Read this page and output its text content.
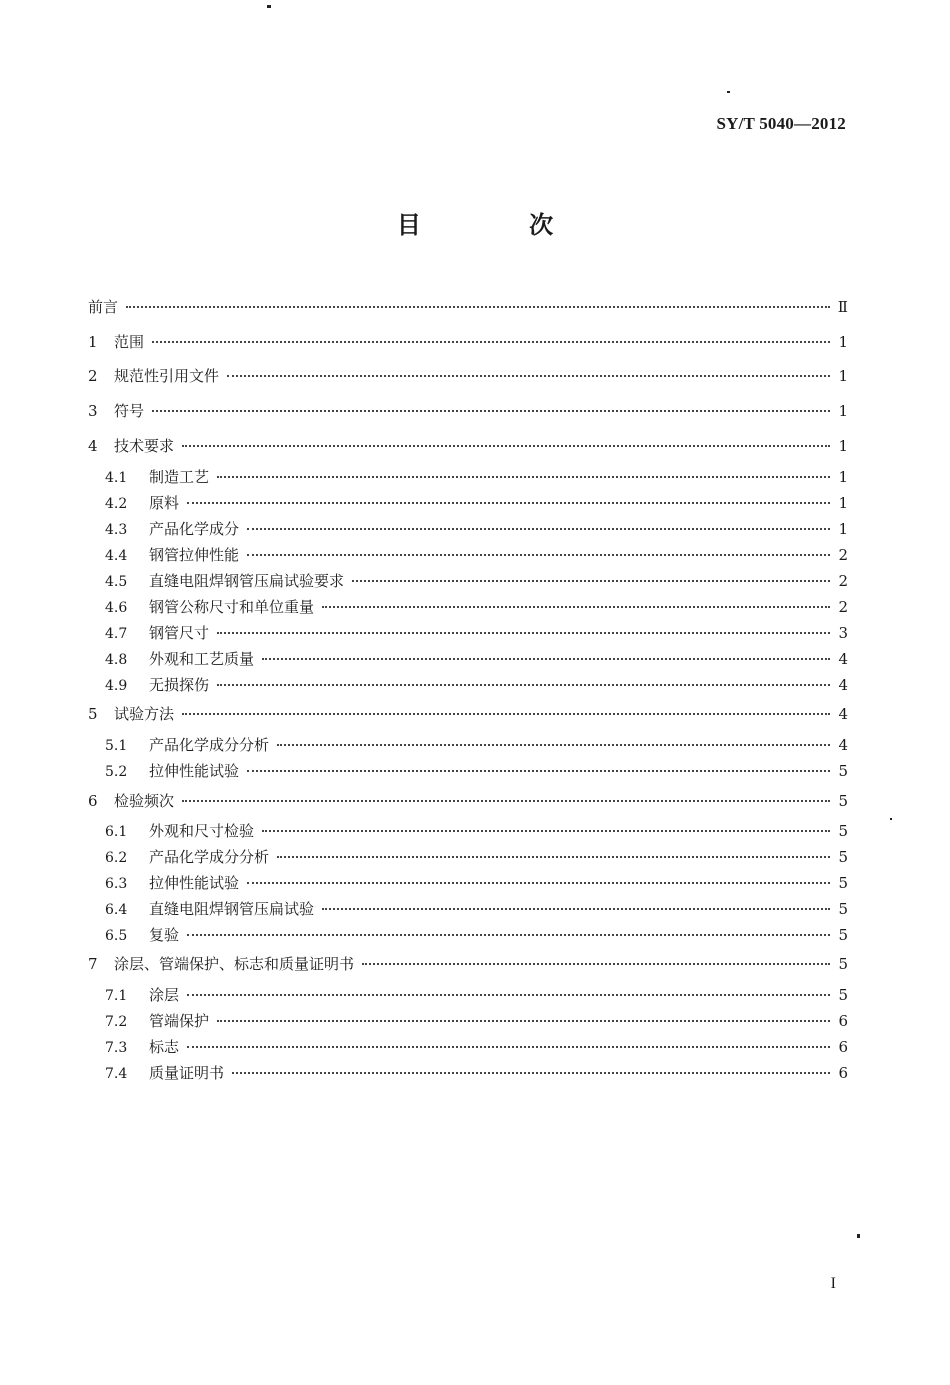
SY/T 5040—2012
目 次
前言	Ⅱ
1	范围	1
2	规范性引用文件	1
3	符号	1
4	技术要求	1
4.1	制造工艺	1
4.2	原料	1
4.3	产品化学成分	1
4.4	钢管拉伸性能	2
4.5	直缝电阻焊钢管压扁试验要求	2
4.6	钢管公称尺寸和单位重量	2
4.7	钢管尺寸	3
4.8	外观和工艺质量	4
4.9	无损探伤	4
5	试验方法	4
5.1	产品化学成分分析	4
5.2	拉伸性能试验	5
6	检验频次	5
6.1	外观和尺寸检验	5
6.2	产品化学成分分析	5
6.3	拉伸性能试验	5
6.4	直缝电阻焊钢管压扁试验	5
6.5	复验	5
7	涂层、管端保护、标志和质量证明书	5
7.1	涂层	5
7.2	管端保护	6
7.3	标志	6
7.4	质量证明书	6
I
